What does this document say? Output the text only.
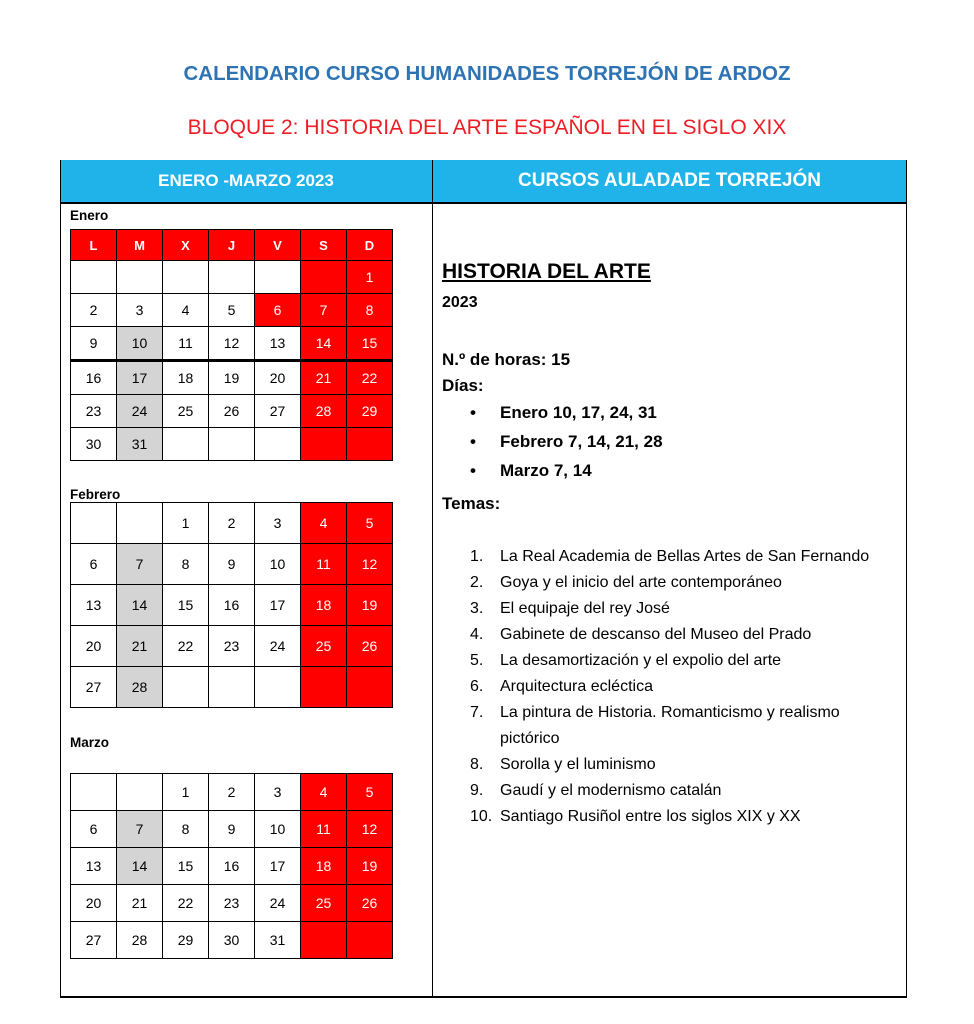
CALENDARIO CURSO HUMANIDADES TORREJÓN DE ARDOZ
BLOQUE 2: HISTORIA DEL ARTE ESPAÑOL EN EL SIGLO XIX
ENERO -MARZO 2023	CURSOS AULADADE TORREJÓN
Enero
L	M	X	J	V	S	D
						1
2	3	4	5	6	7	8
9	10	11	12	13	14	15
16	17	18	19	20	21	22
23	24	25	26	27	28	29
30	31					
Febrero
		1	2	3	4	5
6	7	8	9	10	11	12
13	14	15	16	17	18	19
20	21	22	23	24	25	26
27	28					
Marzo
		1	2	3	4	5
6	7	8	9	10	11	12
13	14	15	16	17	18	19
20	21	22	23	24	25	26
27	28	29	30	31		
HISTORIA DEL ARTE
2023
N.º de horas: 15
Días:
• Enero 10, 17, 24, 31
• Febrero 7, 14, 21, 28
• Marzo 7, 14
Temas:
1. La Real Academia de Bellas Artes de San Fernando
2. Goya y el inicio del arte contemporáneo
3. El equipaje del rey José
4. Gabinete de descanso del Museo del Prado
5. La desamortización y el expolio del arte
6. Arquitectura ecléctica
7. La pintura de Historia. Romanticismo y realismo pictórico
8. Sorolla y el luminismo
9. Gaudí y el modernismo catalán
10. Santiago Rusiñol entre los siglos XIX y XX
